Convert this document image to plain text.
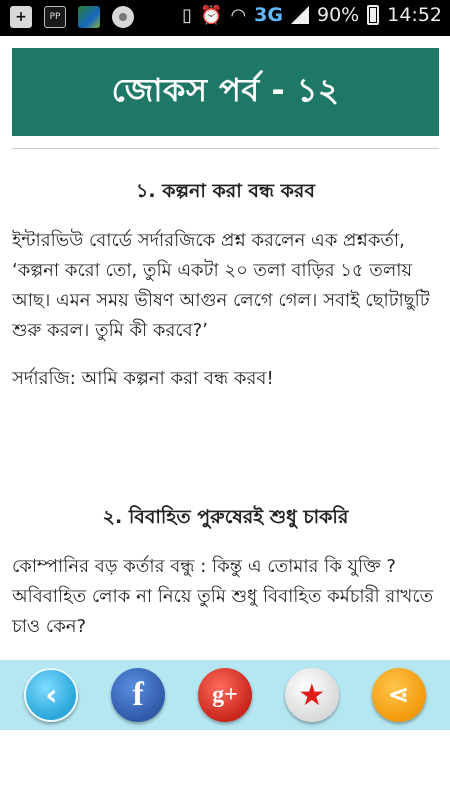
+	PP	▯ ⏰ ◠ 3G 90% 14:52
জোকস পর্ব - ১২
১. কল্পনা করা বন্ধ করব

ইন্টারভিউ বোর্ডে সর্দারজিকে প্রশ্ন করলেন এক প্রশ্নকর্তা, ‘কল্পনা করো তো, তুমি একটা ২০ তলা বাড়ির ১৫ তলায় আছ। এমন সময় ভীষণ আগুন লেগে গেল। সবাই ছোটাছুটি শুরু করল। তুমি কী করবে?’

সর্দারজি: আমি কল্পনা করা বন্ধ করব!

২. বিবাহিত পুরুষেরই শুধু চাকরি

কোম্পানির বড় কর্তার বন্ধু : কিন্তু এ তোমার কি যুক্তি ? অবিবাহিত লোক না নিয়ে তুমি শুধু বিবাহিত কর্মচারী রাখতে চাও কেন?

‹ f	g+ ★ ⋖
